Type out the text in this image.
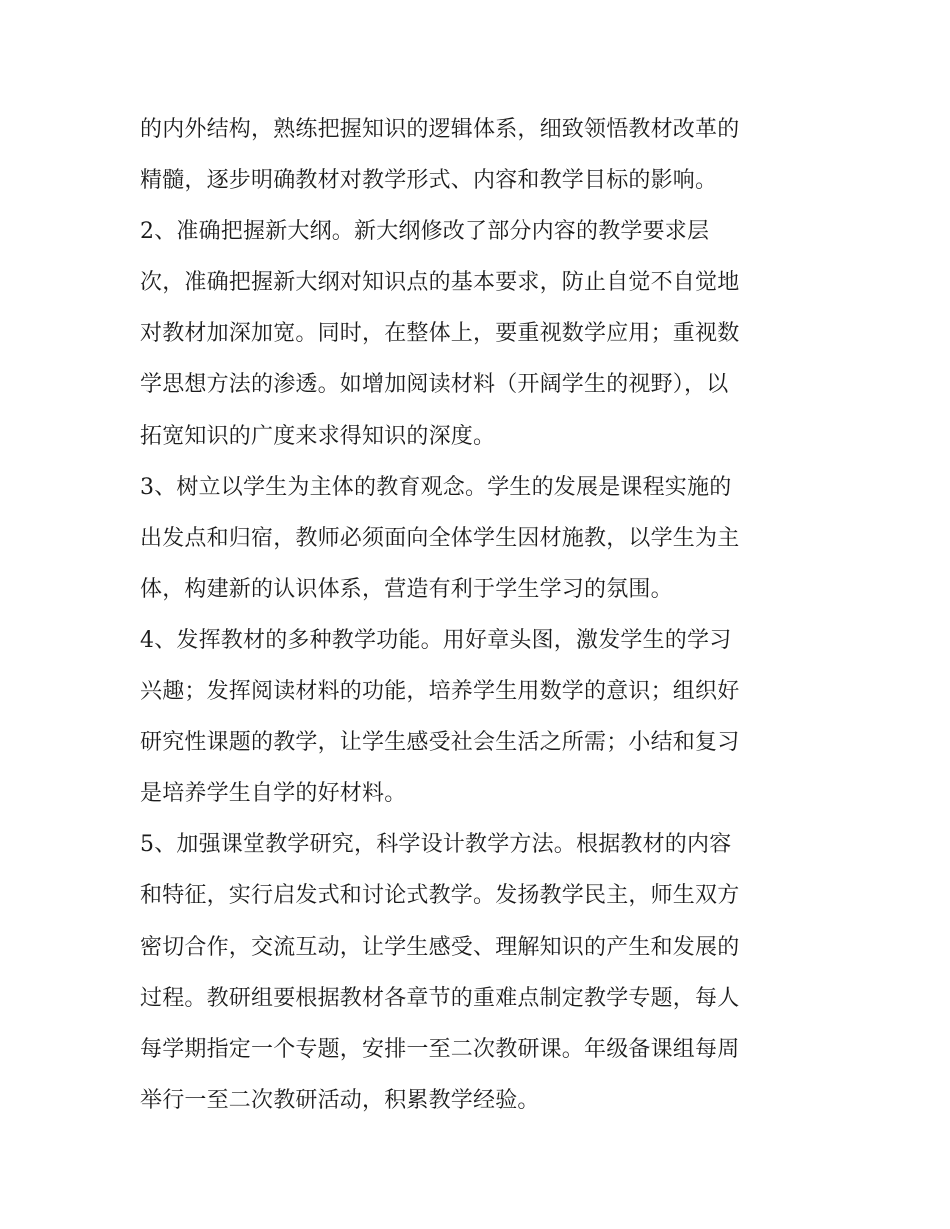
的内外结构，熟练把握知识的逻辑体系，细致领悟教材改革的
精髓，逐步明确教材对教学形式、内容和教学目标的影响。
2、准确把握新大纲。新大纲修改了部分内容的教学要求层
次，准确把握新大纲对知识点的基本要求，防止自觉不自觉地
对教材加深加宽。同时，在整体上，要重视数学应用；重视数
学思想方法的渗透。如增加阅读材料（开阔学生的视野），以
拓宽知识的广度来求得知识的深度。
3、树立以学生为主体的教育观念。学生的发展是课程实施的
出发点和归宿，教师必须面向全体学生因材施教，以学生为主
体，构建新的认识体系，营造有利于学生学习的氛围。
4、发挥教材的多种教学功能。用好章头图，激发学生的学习
兴趣；发挥阅读材料的功能，培养学生用数学的意识；组织好
研究性课题的教学，让学生感受社会生活之所需；小结和复习
是培养学生自学的好材料。
5、加强课堂教学研究，科学设计教学方法。根据教材的内容
和特征，实行启发式和讨论式教学。发扬教学民主，师生双方
密切合作，交流互动，让学生感受、理解知识的产生和发展的
过程。教研组要根据教材各章节的重难点制定教学专题，每人
每学期指定一个专题，安排一至二次教研课。年级备课组每周
举行一至二次教研活动，积累教学经验。
